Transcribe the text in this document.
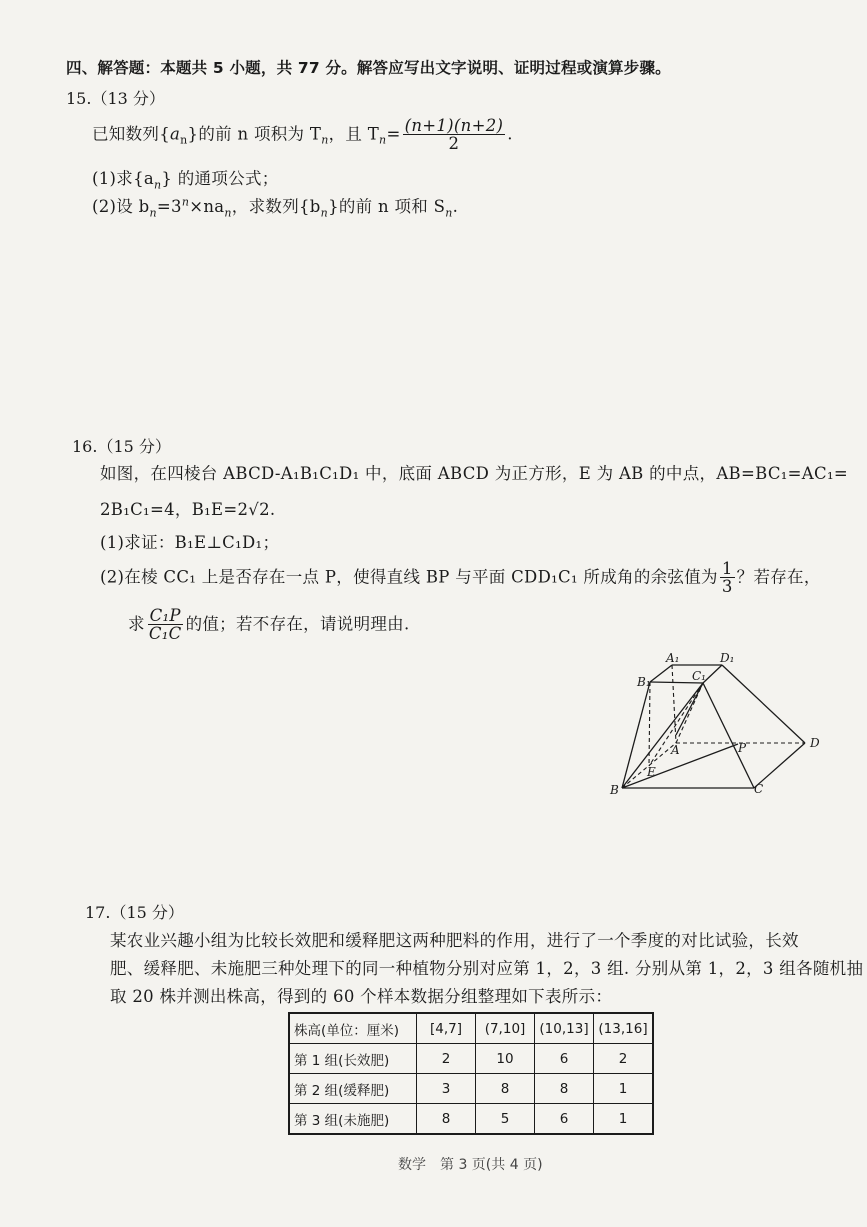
四、解答题：本题共 5 小题，共 77 分。解答应写出文字说明、证明过程或演算步骤。
15.（13 分）
已知数列$\{a_n\}$的前 n 项积为 $T_n$，且 $T_n= \frac{(n+1)(n+2)}{2}$ .
(1)求$\{a_n\}$ 的通项公式；
(2)设 $b_n=3^n\times na_n$，求数列$\{b_n\}$的前 n 项和 $S_n$.
16.（15 分）
如图，在四棱台 ABCD-A₁B₁C₁D₁ 中，底面 ABCD 为正方形，E 为 AB 的中点，AB=BC₁=AC₁=
2B₁C₁=4，B₁E=2√2.
(1)求证：B₁E⊥C₁D₁；
(2)在棱 CC₁ 上是否存在一点 P，使得直线 BP 与平面 CDD₁C₁ 所成角的余弦值为 $\frac{1}{3}$ ？若存在，
求 $\frac{\text{C₁P}}{\text{C₁C}}$ 的值；若不存在，请说明理由.
A₁	D₁
B₁	C₁
A	P	D
E
B	C
17.（15 分）
某农业兴趣小组为比较长效肥和缓释肥这两种肥料的作用，进行了一个季度的对比试验，长效
肥、缓释肥、未施肥三种处理下的同一种植物分别对应第 1，2，3 组. 分别从第 1，2，3 组各随机抽
取 20 株并测出株高，得到的 60 个样本数据分组整理如下表所示：
株高(单位：厘米)	[4,7]	(7,10]	(10,13]	(13,16]
第 1 组(长效肥)	2	10	6	2
第 2 组(缓释肥)	3	8	8	1
第 3 组(未施肥)	8	5	6	1
数学　第 3 页(共 4 页)
